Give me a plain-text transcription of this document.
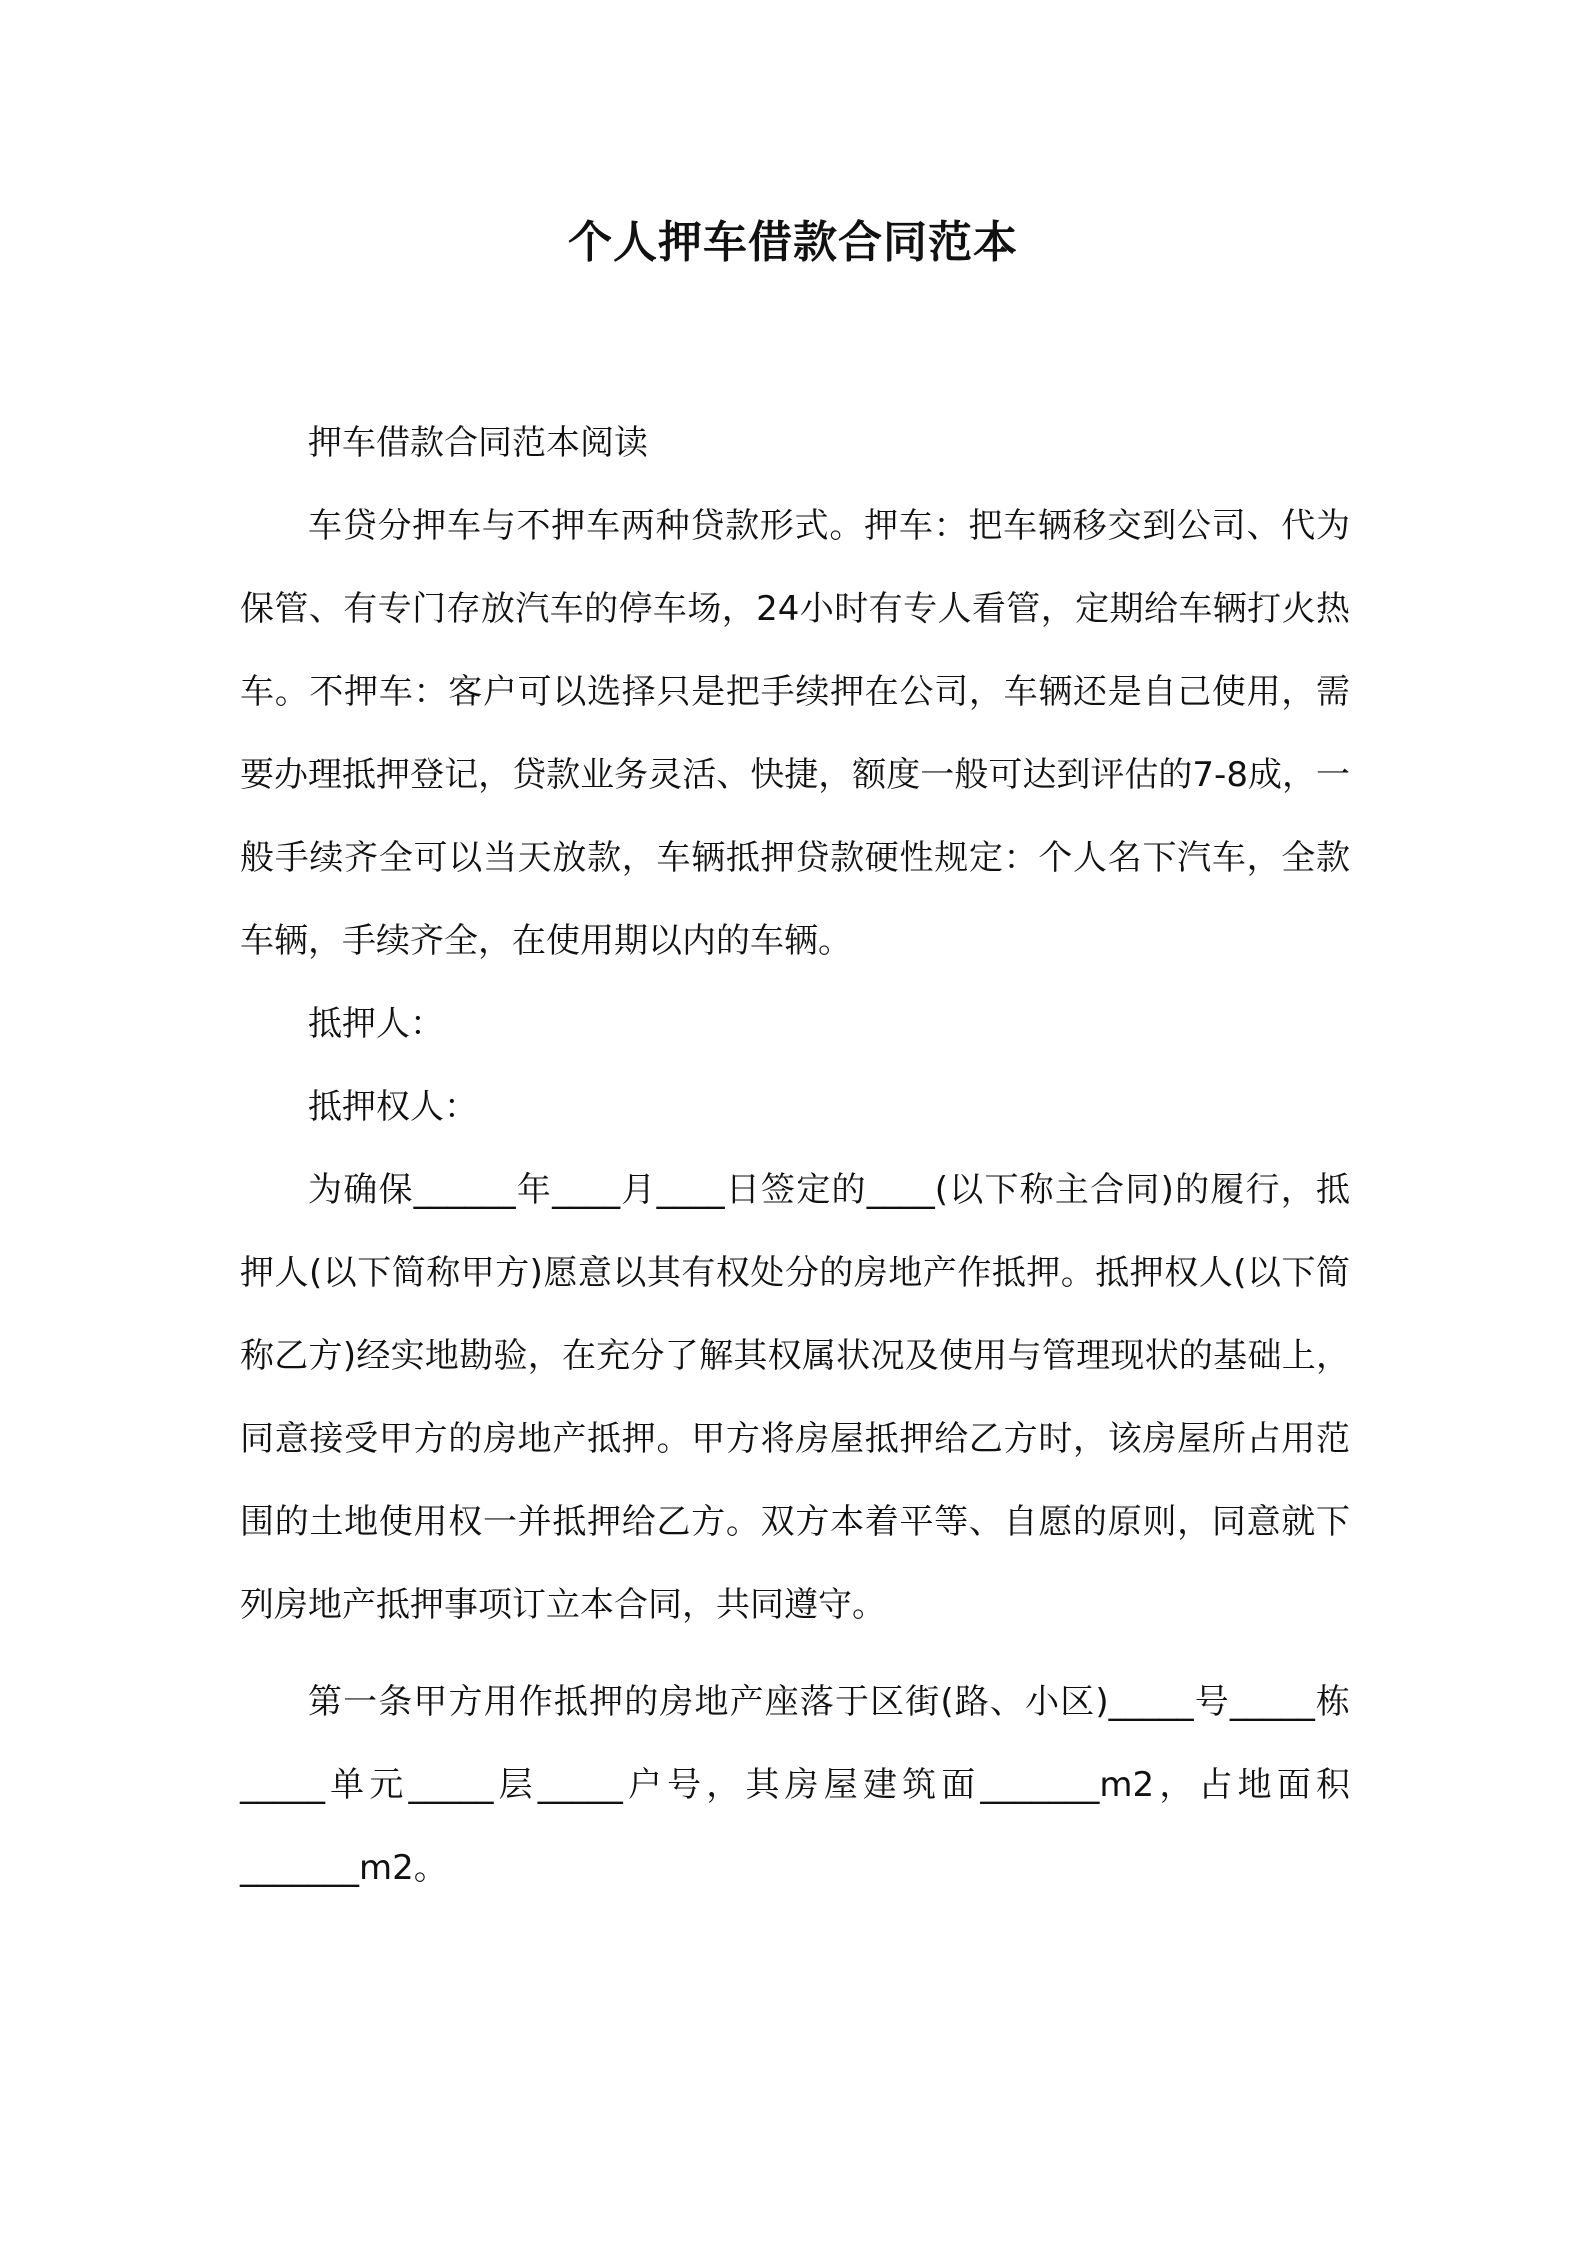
个人押车借款合同范本

押车借款合同范本阅读

车贷分押车与不押车两种贷款形式。押车：把车辆移交到公司、代为保管、有专门存放汽车的停车场，24小时有专人看管，定期给车辆打火热车。不押车：客户可以选择只是把手续押在公司，车辆还是自己使用，需要办理抵押登记，贷款业务灵活、快捷，额度一般可达到评估的7-8成，一般手续齐全可以当天放款，车辆抵押贷款硬性规定：个人名下汽车，全款车辆，手续齐全，在使用期以内的车辆。

抵押人：

抵押权人：

为确保______年____月____日签定的____(以下称主合同)的履行，抵押人(以下简称甲方)愿意以其有权处分的房地产作抵押。抵押权人(以下简称乙方)经实地勘验，在充分了解其权属状况及使用与管理现状的基础上，同意接受甲方的房地产抵押。甲方将房屋抵押给乙方时，该房屋所占用范围的土地使用权一并抵押给乙方。双方本着平等、自愿的原则，同意就下列房地产抵押事项订立本合同，共同遵守。

第一条甲方用作抵押的房地产座落于区街(路、小区)_____号_____栋_____单元_____层_____户号，其房屋建筑面_______m2，占地面积_______m2。
